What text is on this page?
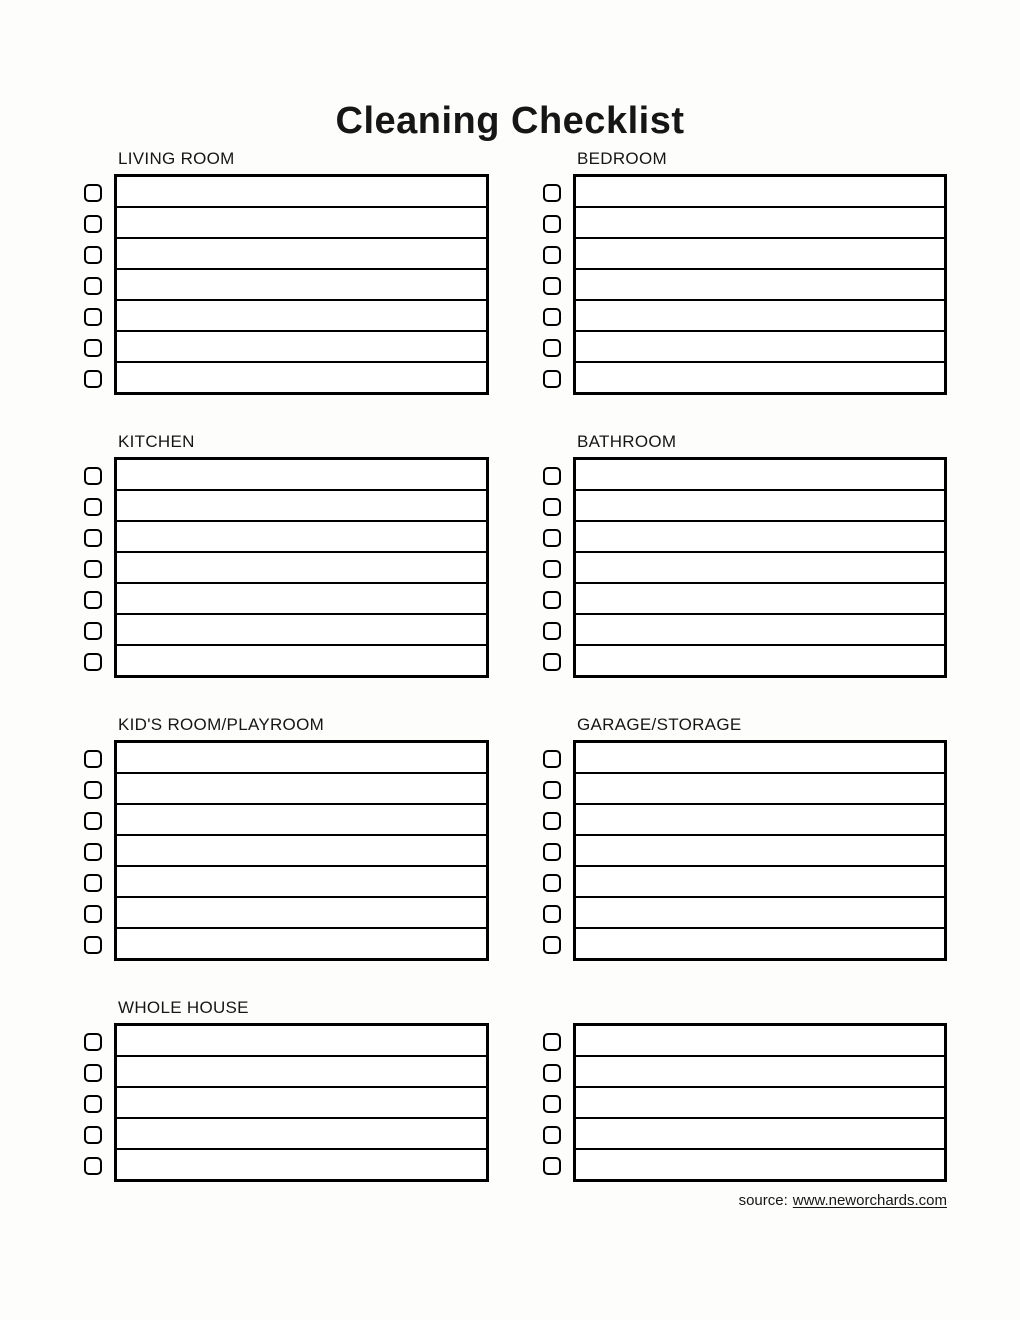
Cleaning Checklist
LIVING ROOM	BEDROOM
KITCHEN	BATHROOM
KID'S ROOM/PLAYROOM	GARAGE/STORAGE
WHOLE HOUSE
source: www.neworchards.com
